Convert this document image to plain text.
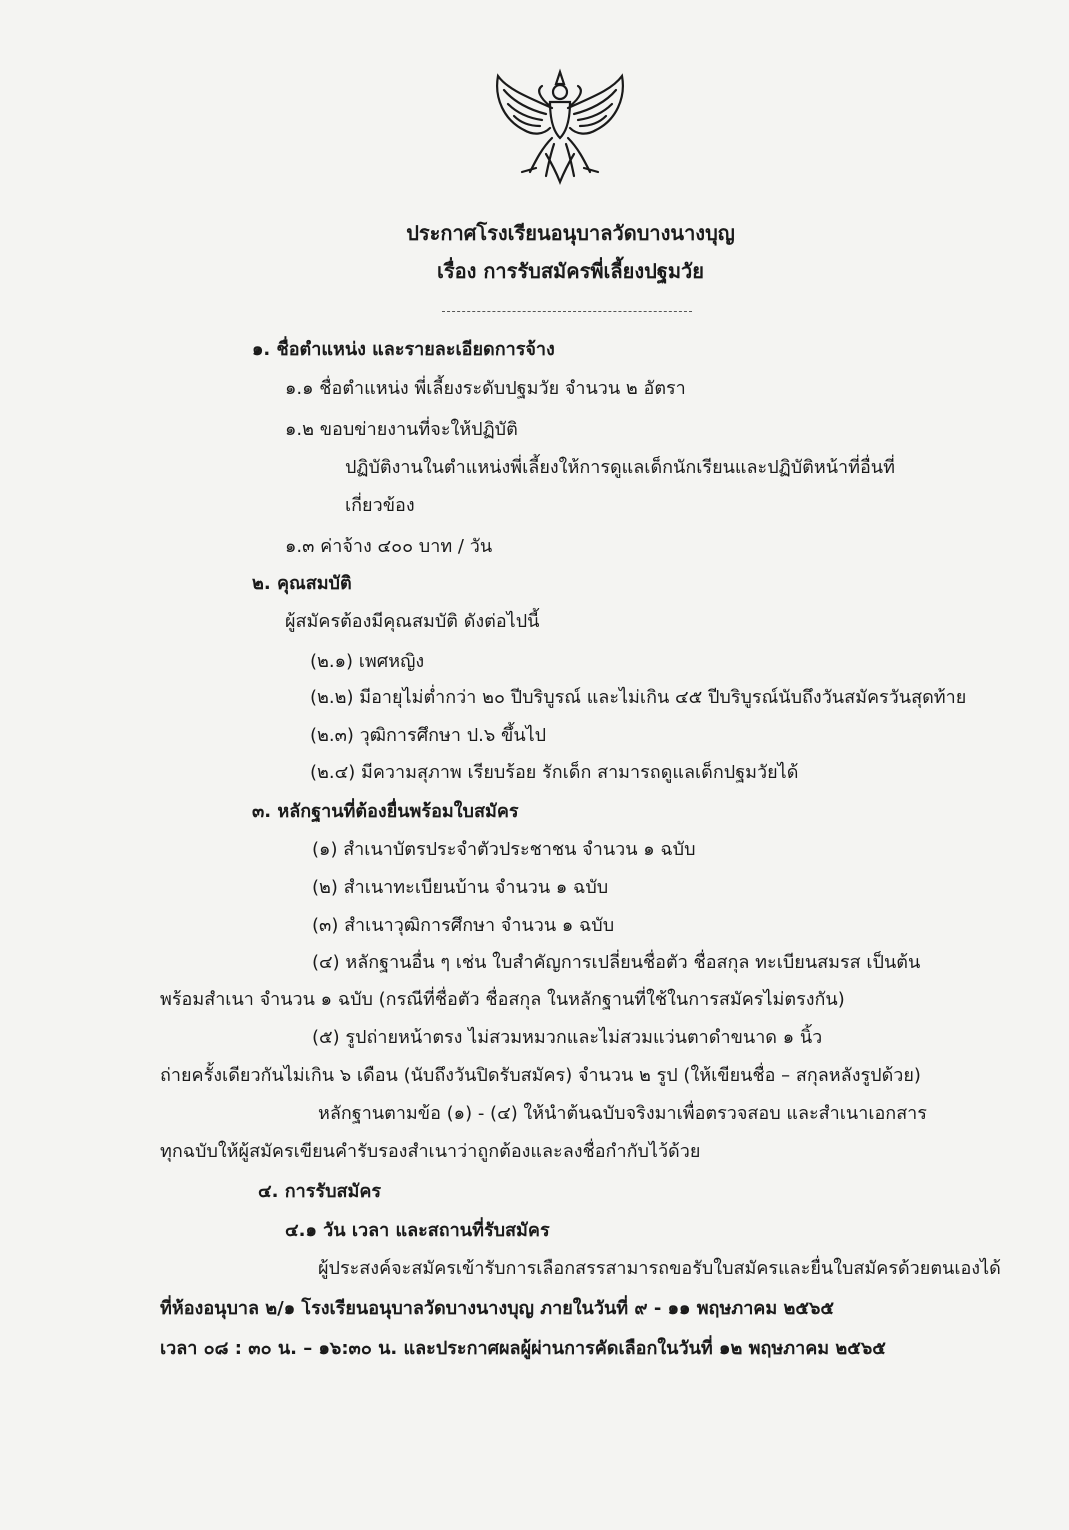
ประกาศโรงเรียนอนุบาลวัดบางนางบุญ
เรื่อง การรับสมัครพี่เลี้ยงปฐมวัย
๑. ชื่อตำแหน่ง และรายละเอียดการจ้าง
๑.๑ ชื่อตำแหน่ง พี่เลี้ยงระดับปฐมวัย จำนวน ๒ อัตรา
๑.๒ ขอบข่ายงานที่จะให้ปฏิบัติ
ปฏิบัติงานในตำแหน่งพี่เลี้ยงให้การดูแลเด็กนักเรียนและปฏิบัติหน้าที่อื่นที่
เกี่ยวข้อง
๑.๓ ค่าจ้าง ๔๐๐ บาท / วัน
๒. คุณสมบัติ
ผู้สมัครต้องมีคุณสมบัติ ดังต่อไปนี้
(๒.๑) เพศหญิง
(๒.๒) มีอายุไม่ต่ำกว่า ๒๐ ปีบริบูรณ์ และไม่เกิน ๔๕ ปีบริบูรณ์นับถึงวันสมัครวันสุดท้าย
(๒.๓) วุฒิการศึกษา ป.๖ ขึ้นไป
(๒.๔) มีความสุภาพ เรียบร้อย รักเด็ก สามารถดูแลเด็กปฐมวัยได้
๓. หลักฐานที่ต้องยื่นพร้อมใบสมัคร
(๑) สำเนาบัตรประจำตัวประชาชน จำนวน ๑ ฉบับ
(๒) สำเนาทะเบียนบ้าน จำนวน ๑ ฉบับ
(๓) สำเนาวุฒิการศึกษา จำนวน ๑ ฉบับ
(๔) หลักฐานอื่น ๆ เช่น ใบสำคัญการเปลี่ยนชื่อตัว ชื่อสกุล ทะเบียนสมรส เป็นต้น
พร้อมสำเนา จำนวน ๑ ฉบับ (กรณีที่ชื่อตัว ชื่อสกุล ในหลักฐานที่ใช้ในการสมัครไม่ตรงกัน)
(๕) รูปถ่ายหน้าตรง ไม่สวมหมวกและไม่สวมแว่นตาดำขนาด ๑ นิ้ว
ถ่ายครั้งเดียวกันไม่เกิน ๖ เดือน (นับถึงวันปิดรับสมัคร) จำนวน ๒ รูป (ให้เขียนชื่อ – สกุลหลังรูปด้วย)
หลักฐานตามข้อ (๑) - (๔) ให้นำต้นฉบับจริงมาเพื่อตรวจสอบ และสำเนาเอกสาร
ทุกฉบับให้ผู้สมัครเขียนคำรับรองสำเนาว่าถูกต้องและลงชื่อกำกับไว้ด้วย
๔. การรับสมัคร
๔.๑ วัน เวลา และสถานที่รับสมัคร
ผู้ประสงค์จะสมัครเข้ารับการเลือกสรรสามารถขอรับใบสมัครและยื่นใบสมัครด้วยตนเองได้
ที่ห้องอนุบาล ๒/๑ โรงเรียนอนุบาลวัดบางนางบุญ ภายในวันที่ ๙ - ๑๑ พฤษภาคม ๒๕๖๕
เวลา ๐๘ : ๓๐ น. – ๑๖:๓๐ น. และประกาศผลผู้ผ่านการคัดเลือกในวันที่ ๑๒ พฤษภาคม ๒๕๖๕
